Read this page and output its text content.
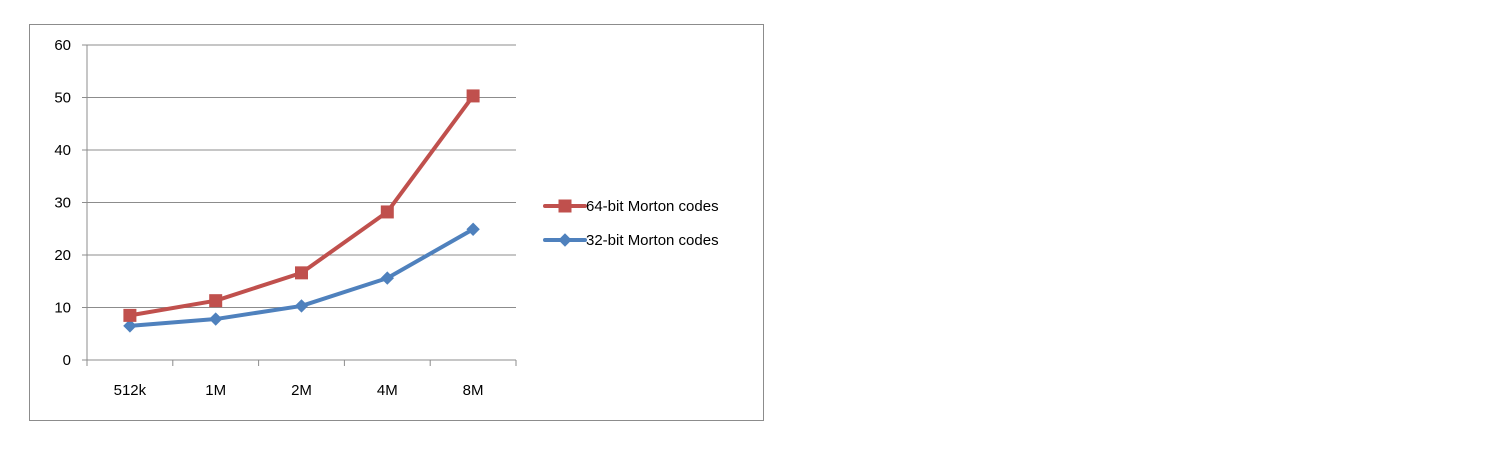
0
10
20
30
40
50
60
512k	1M	2M	4M	8M
64-bit Morton codes
32-bit Morton codes
